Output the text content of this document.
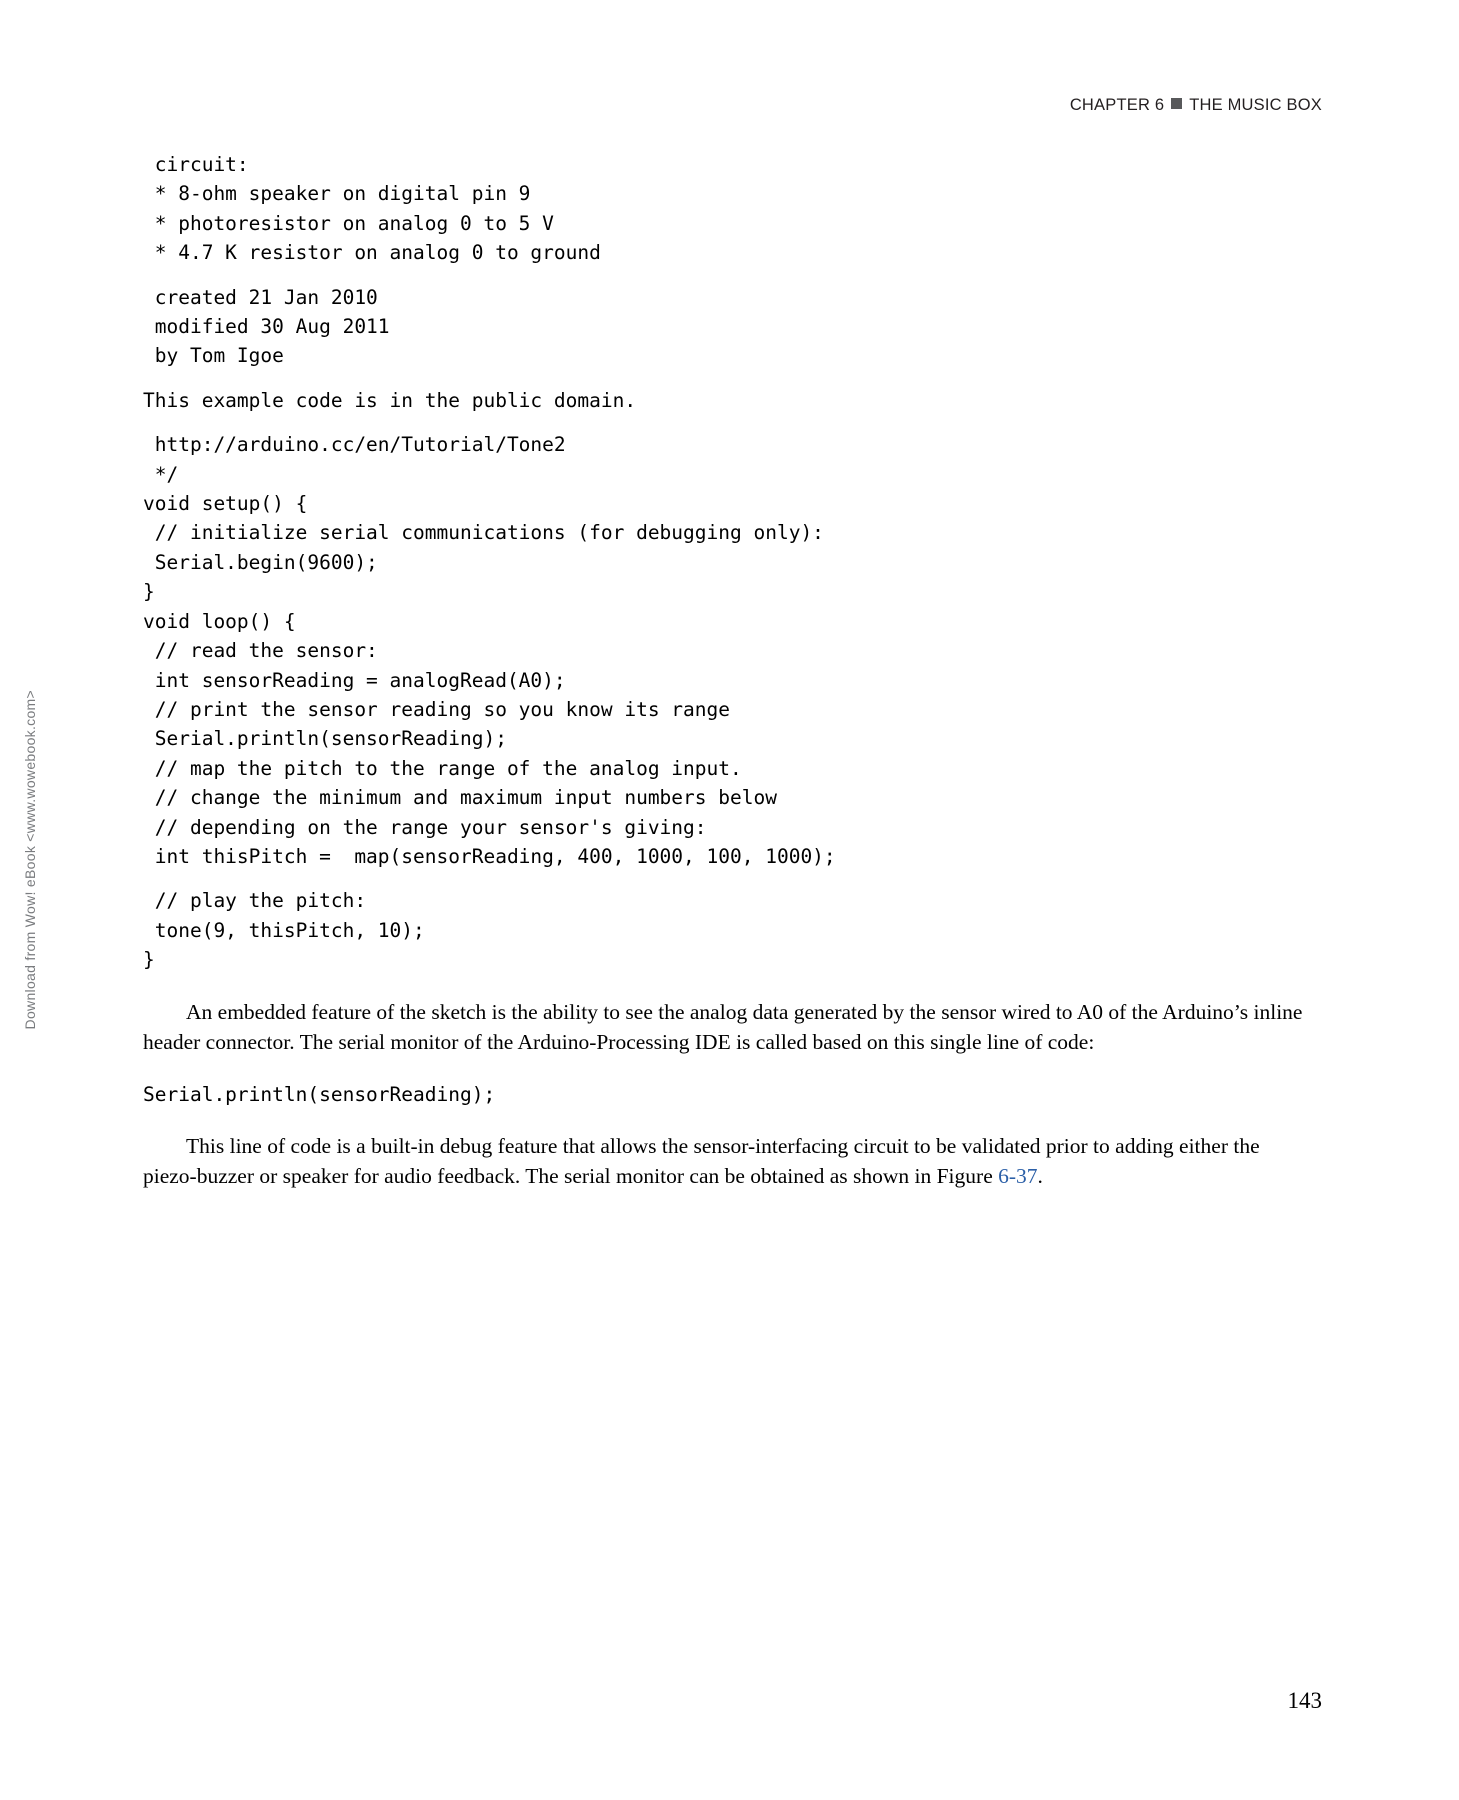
CHAPTER 6 THE MUSIC BOX
Download from Wow! eBook <www.wowebook.com>
circuit:
* 8-ohm speaker on digital pin 9
* photoresistor on analog 0 to 5 V
* 4.7 K resistor on analog 0 to ground
created 21 Jan 2010
modified 30 Aug 2011
by Tom Igoe
This example code is in the public domain.
http://arduino.cc/en/Tutorial/Tone2
*/
void setup() {
// initialize serial communications (for debugging only):
Serial.begin(9600);
}
void loop() {
// read the sensor:
int sensorReading = analogRead(A0);
// print the sensor reading so you know its range
Serial.println(sensorReading);
// map the pitch to the range of the analog input.
// change the minimum and maximum input numbers below
// depending on the range your sensor's giving:
int thisPitch =  map(sensorReading, 400, 1000, 100, 1000);
// play the pitch:
tone(9, thisPitch, 10);
}

An embedded feature of the sketch is the ability to see the analog data generated by the sensor wired to A0 of the Arduino’s inline header connector. The serial monitor of the Arduino-Processing IDE is called based on this single line of code:

Serial.println(sensorReading);

This line of code is a built-in debug feature that allows the sensor-interfacing circuit to be validated prior to adding either the piezo-buzzer or speaker for audio feedback. The serial monitor can be obtained as shown in Figure 6-37.

143
